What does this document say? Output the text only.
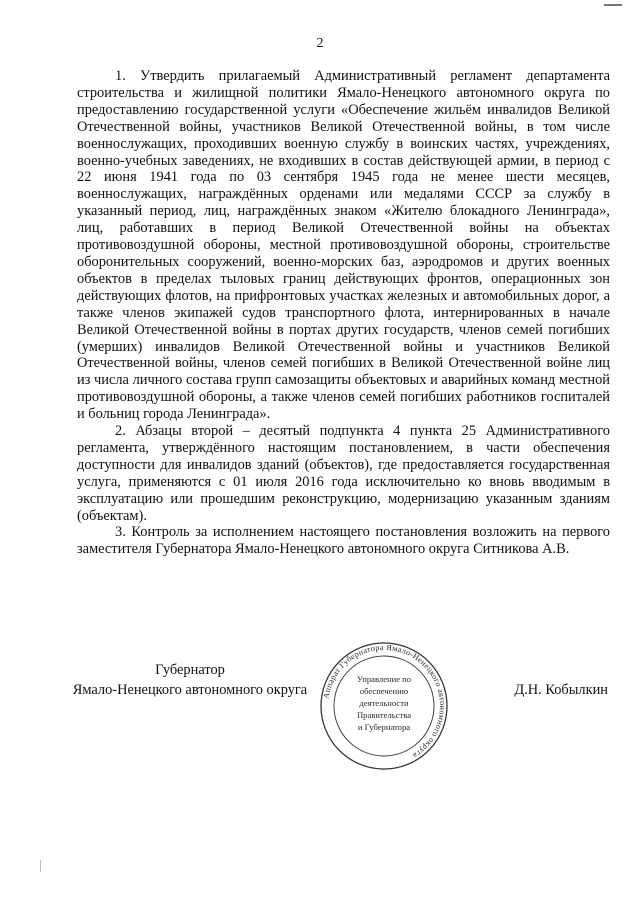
2

1. Утвердить прилагаемый Административный регламент департамента строительства и жилищной политики Ямало-Ненецкого автономного округа по предоставлению государственной услуги «Обеспечение жильём инвалидов Великой Отечественной войны, участников Великой Отечественной войны, в том числе военнослужащих, проходивших военную службу в воинских частях, учреждениях, военно-учебных заведениях, не входивших в состав действующей армии, в период с 22 июня 1941 года по 03 сентября 1945 года не менее шести месяцев, военнослужащих, награждённых орденами или медалями СССР за службу в указанный период, лиц, награждённых знаком «Жителю блокадного Ленинграда», лиц, работавших в период Великой Отечественной войны на объектах противовоздушной обороны, местной противовоздушной обороны, строительстве оборонительных сооружений, военно-морских баз, аэродромов и других военных объектов в пределах тыловых границ действующих фронтов, операционных зон действующих флотов, на прифронтовых участках железных и автомобильных дорог, а также членов экипажей судов транспортного флота, интернированных в начале Великой Отечественной войны в портах других государств, членов семей погибших (умерших) инвалидов Великой Отечественной войны и участников Великой Отечественной войны, членов семей погибших в Великой Отечественной войне лиц из числа личного состава групп самозащиты объектовых и аварийных команд местной противовоздушной обороны, а также членов семей погибших работников госпиталей и больниц города Ленинграда».

2. Абзацы второй – десятый подпункта 4 пункта 25 Административного регламента, утверждённого настоящим постановлением, в части обеспечения доступности для инвалидов зданий (объектов), где предоставляется государственная услуга, применяются с 01 июля 2016 года исключительно ко вновь вводимым в эксплуатацию или прошедшим реконструкцию, модернизацию указанным зданиям (объектам).

3. Контроль за исполнением настоящего постановления возложить на первого заместителя Губернатора Ямало-Ненецкого автономного округа Ситникова А.В.

Губернатор
Ямало-Ненецкого автономного округа	Д.Н. Кобылкин
Аппарат Губернатора Ямало-Ненецкого автономного округа
Управление по
обеспечению
деятельности
Правительства
и Губернатора
